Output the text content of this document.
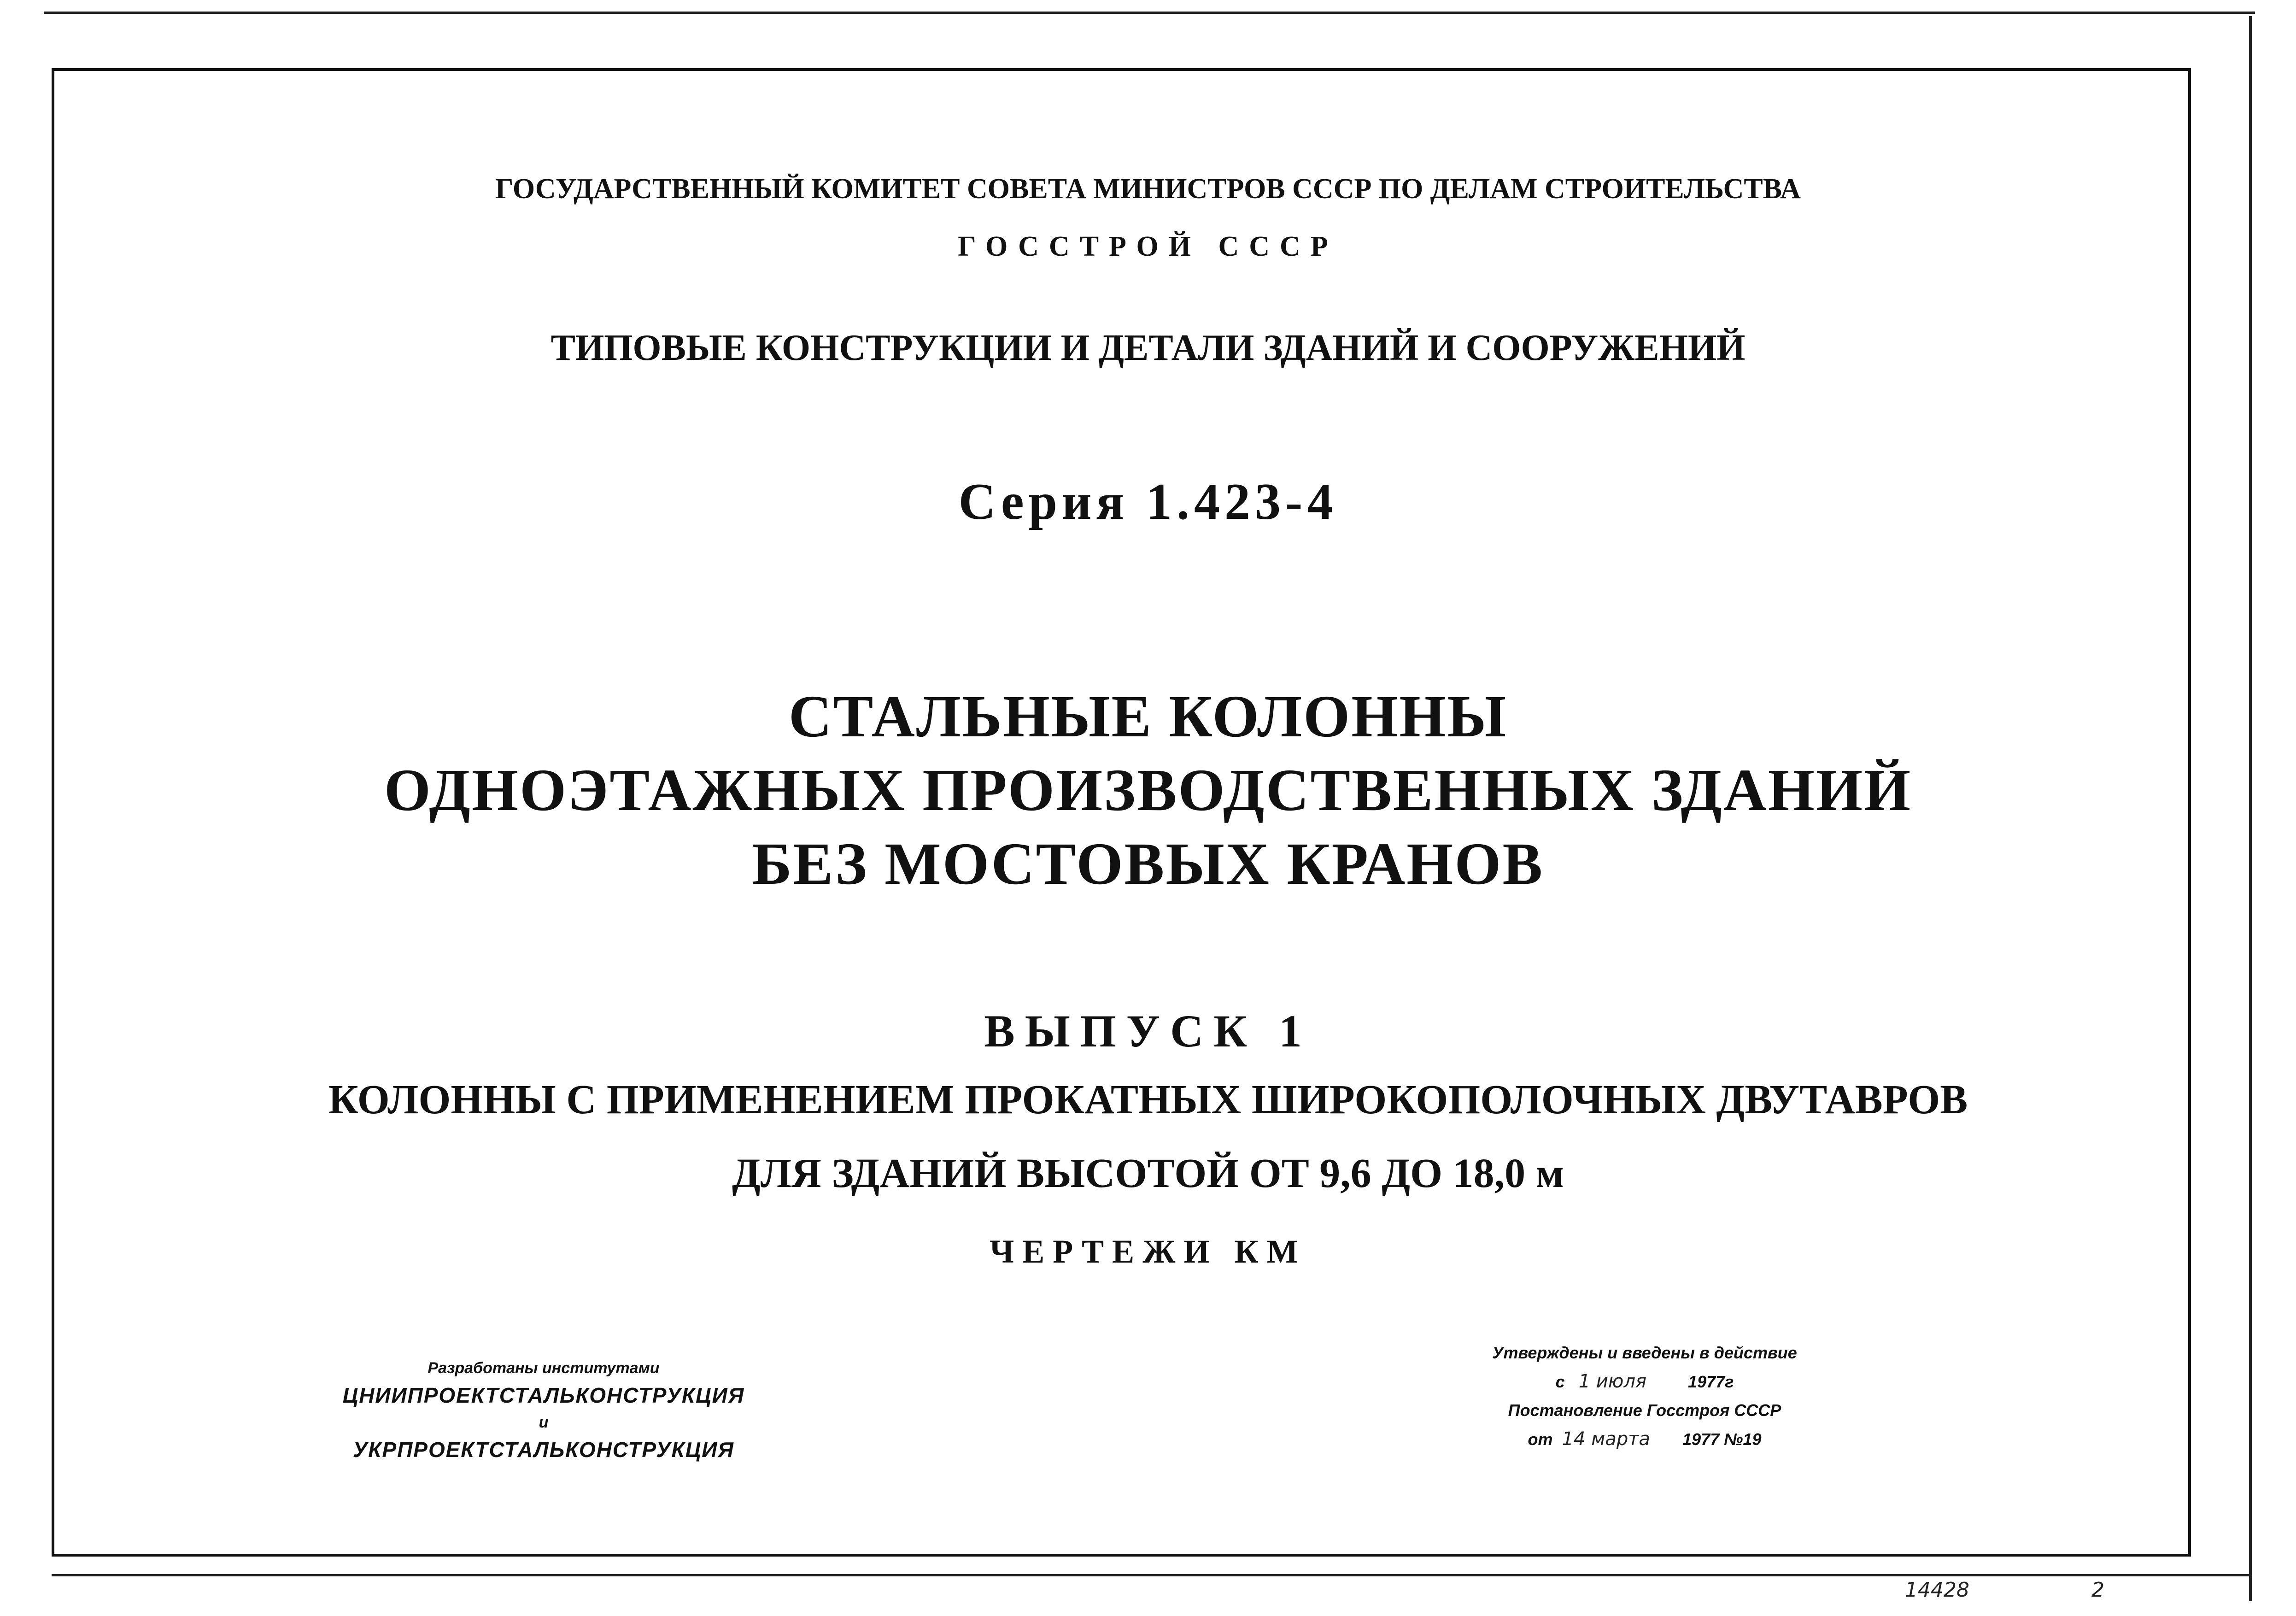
ГОСУДАРСТВЕННЫЙ КОМИТЕТ СОВЕТА МИНИСТРОВ СССР ПО ДЕЛАМ СТРОИТЕЛЬСТВА
ГОССТРОЙ СССР
ТИПОВЫЕ КОНСТРУКЦИИ И ДЕТАЛИ ЗДАНИЙ И СООРУЖЕНИЙ
Серия 1.423-4
СТАЛЬНЫЕ КОЛОННЫ
ОДНОЭТАЖНЫХ ПРОИЗВОДСТВЕННЫХ ЗДАНИЙ
БЕЗ МОСТОВЫХ КРАНОВ
ВЫПУСК 1
КОЛОННЫ С ПРИМЕНЕНИЕМ ПРОКАТНЫХ ШИРОКОПОЛОЧНЫХ ДВУТАВРОВ
ДЛЯ ЗДАНИЙ ВЫСОТОЙ ОТ 9,6 ДО 18,0 м
ЧЕРТЕЖИ КМ
Разработаны институтами
ЦНИИПРОЕКТСТАЛЬКОНСТРУКЦИЯ
и
УКРПРОЕКТСТАЛЬКОНСТРУКЦИЯ
Утверждены и введены в действие
с 1 июля	1977г
Постановление Госстроя СССР
от 14 марта 1977 №19
14428	2
